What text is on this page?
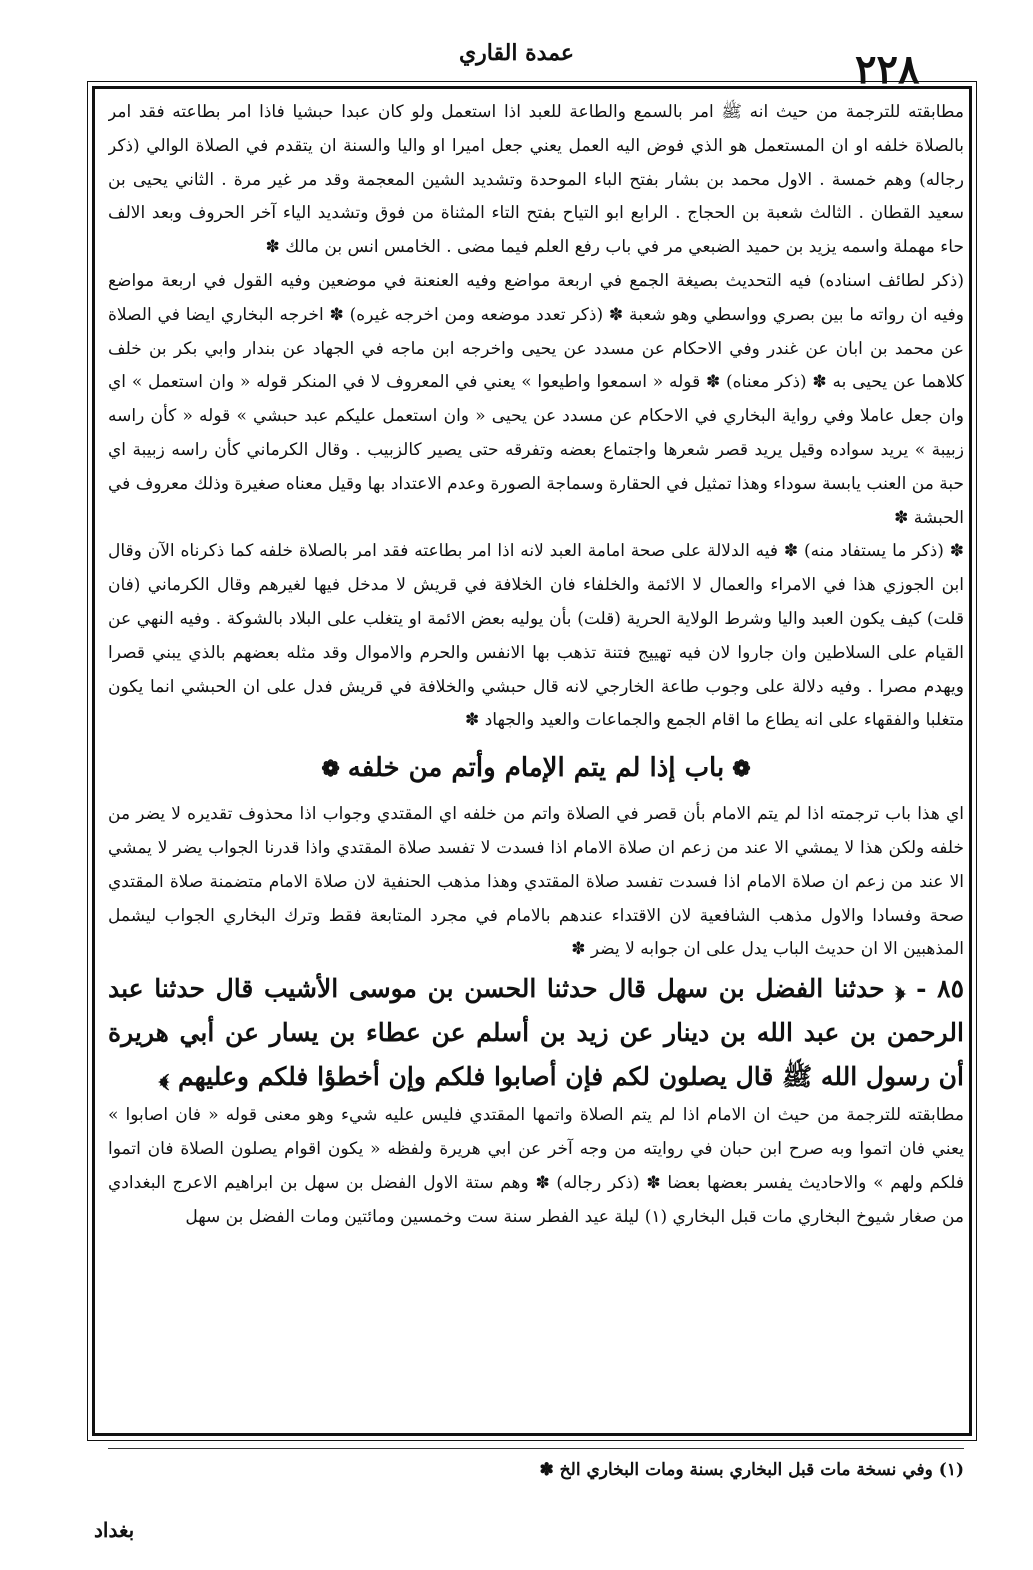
عمدة القاري	٢٢٨

مطابقته للترجمة من حيث انه ﷺ امر بالسمع والطاعة للعبد اذا استعمل ولو كان عبدا حبشيا فاذا امر بطاعته فقد امر بالصلاة خلفه او ان المستعمل هو الذي فوض اليه العمل يعني جعل اميرا او واليا والسنة ان يتقدم في الصلاة الوالي (ذكر رجاله) وهم خمسة . الاول محمد بن بشار بفتح الباء الموحدة وتشديد الشين المعجمة وقد مر غير مرة . الثاني يحيى بن سعيد القطان . الثالث شعبة بن الحجاج . الرابع ابو التياح بفتح التاء المثناة من فوق وتشديد الياء آخر الحروف وبعد الالف حاء مهملة واسمه يزيد بن حميد الضبعي مر في باب رفع العلم فيما مضى . الخامس انس بن مالك ✽

(ذكر لطائف اسناده) فيه التحديث بصيغة الجمع في اربعة مواضع وفيه العنعنة في موضعين وفيه القول في اربعة مواضع وفيه ان رواته ما بين بصري وواسطي وهو شعبة ✽ (ذكر تعدد موضعه ومن اخرجه غيره) ✽ اخرجه البخاري ايضا في الصلاة عن محمد بن ابان عن غندر وفي الاحكام عن مسدد عن يحيى واخرجه ابن ماجه في الجهاد عن بندار وابي بكر بن خلف كلاهما عن يحيى به ✽ (ذكر معناه) ✽ قوله « اسمعوا واطيعوا » يعني في المعروف لا في المنكر قوله « وان استعمل » اي وان جعل عاملا وفي رواية البخاري في الاحكام عن مسدد عن يحيى « وان استعمل عليكم عبد حبشي » قوله « كأن راسه زبيبة » يريد سواده وقيل يريد قصر شعرها واجتماع بعضه وتفرقه حتى يصير كالزبيب . وقال الكرماني كأن راسه زبيبة اي حبة من العنب يابسة سوداء وهذا تمثيل في الحقارة وسماجة الصورة وعدم الاعتداد بها وقيل معناه صغيرة وذلك معروف في الحبشة ✽

✽ (ذكر ما يستفاد منه) ✽ فيه الدلالة على صحة امامة العبد لانه اذا امر بطاعته فقد امر بالصلاة خلفه كما ذكرناه الآن وقال ابن الجوزي هذا في الامراء والعمال لا الائمة والخلفاء فان الخلافة في قريش لا مدخل فيها لغيرهم وقال الكرماني (فان قلت) كيف يكون العبد واليا وشرط الولاية الحرية (قلت) بأن يوليه بعض الائمة او يتغلب على البلاد بالشوكة . وفيه النهي عن القيام على السلاطين وان جاروا لان فيه تهييج فتنة تذهب بها الانفس والحرم والاموال وقد مثله بعضهم بالذي يبني قصرا ويهدم مصرا . وفيه دلالة على وجوب طاعة الخارجي لانه قال حبشي والخلافة في قريش فدل على ان الحبشي انما يكون متغلبا والفقهاء على انه يطاع ما اقام الجمع والجماعات والعيد والجهاد ✽

❁باب إذا لم يتم الإمام وأتم من خلفه❁

اي هذا باب ترجمته اذا لم يتم الامام بأن قصر في الصلاة واتم من خلفه اي المقتدي وجواب اذا محذوف تقديره لا يضر من خلفه ولكن هذا لا يمشي الا عند من زعم ان صلاة الامام اذا فسدت لا تفسد صلاة المقتدي واذا قدرنا الجواب يضر لا يمشي الا عند من زعم ان صلاة الامام اذا فسدت تفسد صلاة المقتدي وهذا مذهب الحنفية لان صلاة الامام متضمنة صلاة المقتدي صحة وفسادا والاول مذهب الشافعية لان الاقتداء عندهم بالامام في مجرد المتابعة فقط وترك البخاري الجواب ليشمل المذهبين الا ان حديث الباب يدل على ان جوابه لا يضر ✽

٨٥ - ﴿ حدثنا الفضل بن سهل قال حدثنا الحسن بن موسى الأشيب قال حدثنا عبد الرحمن بن عبد الله بن دينار عن زيد بن أسلم عن عطاء بن يسار عن أبي هريرة أن رسول الله ﷺ قال يصلون لكم فإن أصابوا فلكم وإن أخطؤا فلكم وعليهم ﴾

مطابقته للترجمة من حيث ان الامام اذا لم يتم الصلاة واتمها المقتدي فليس عليه شيء وهو معنى قوله « فان اصابوا » يعني فان اتموا وبه صرح ابن حبان في روايته من وجه آخر عن ابي هريرة ولفظه « يكون اقوام يصلون الصلاة فان اتموا فلكم ولهم » والاحاديث يفسر بعضها بعضا ✽ (ذكر رجاله) ✽ وهم ستة الاول الفضل بن سهل بن ابراهيم الاعرج البغدادي من صغار شيوخ البخاري مات قبل البخاري (١) ليلة عيد الفطر سنة ست وخمسين ومائتين ومات الفضل بن سهل

(١) وفي نسخة مات قبل البخاري بسنة ومات البخاري الخ ✽
بغداد
